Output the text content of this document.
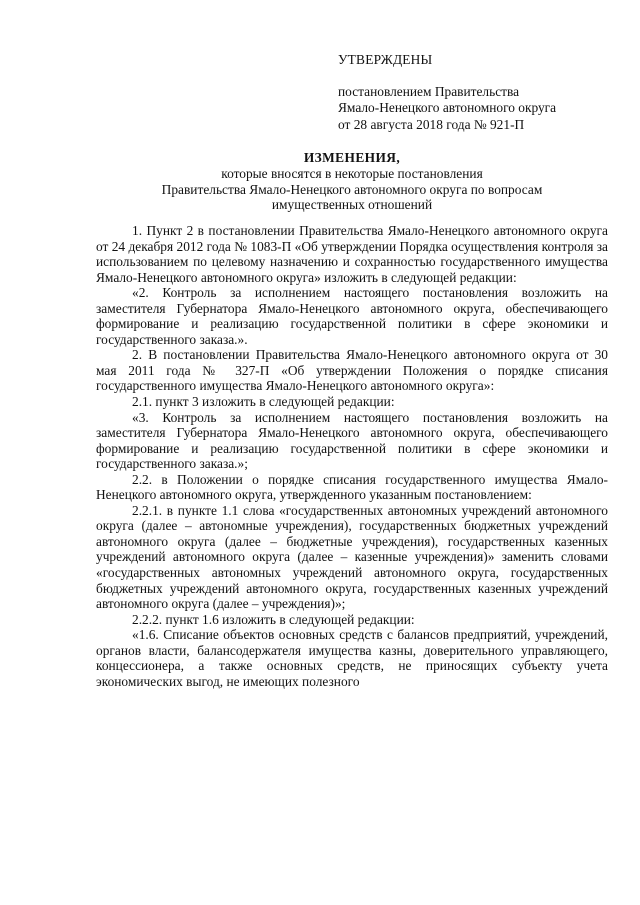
УТВЕРЖДЕНЫ
постановлением Правительства
Ямало-Ненецкого автономного округа
от 28 августа 2018 года № 921-П
ИЗМЕНЕНИЯ,
которые вносятся в некоторые постановления
Правительства Ямало-Ненецкого автономного округа по вопросам
имущественных отношений

1. Пункт 2 в постановлении Правительства Ямало-Ненецкого автономного округа от 24 декабря 2012 года № 1083-П «Об утверждении Порядка осуществления контроля за использованием по целевому назначению и сохранностью государственного имущества Ямало-Ненецкого автономного округа» изложить в следующей редакции:

«2. Контроль за исполнением настоящего постановления возложить на заместителя Губернатора Ямало-Ненецкого автономного округа, обеспечивающего формирование и реализацию государственной политики в сфере экономики и государственного заказа.».

2. В постановлении Правительства Ямало-Ненецкого автономного округа от 30 мая 2011 года № 327-П «Об утверждении Положения о порядке списания государственного имущества Ямало-Ненецкого автономного округа»:

2.1. пункт 3 изложить в следующей редакции:

«3. Контроль за исполнением настоящего постановления возложить на заместителя Губернатора Ямало-Ненецкого автономного округа, обеспечивающего формирование и реализацию государственной политики в сфере экономики и государственного заказа.»;

2.2. в Положении о порядке списания государственного имущества Ямало-Ненецкого автономного округа, утвержденного указанным постановлением:

2.2.1. в пункте 1.1 слова «государственных автономных учреждений автономного округа (далее – автономные учреждения), государственных бюджетных учреждений автономного округа (далее – бюджетные учреждения), государственных казенных учреждений автономного округа (далее – казенные учреждения)» заменить словами «государственных автономных учреждений автономного округа, государственных бюджетных учреждений автономного округа, государственных казенных учреждений автономного округа (далее – учреждения)»;

2.2.2. пункт 1.6 изложить в следующей редакции:

«1.6. Списание объектов основных средств с балансов предприятий, учреждений, органов власти, балансодержателя имущества казны, доверительного управляющего, концессионера, а также основных средств, не приносящих субъекту учета экономических выгод, не имеющих полезного
